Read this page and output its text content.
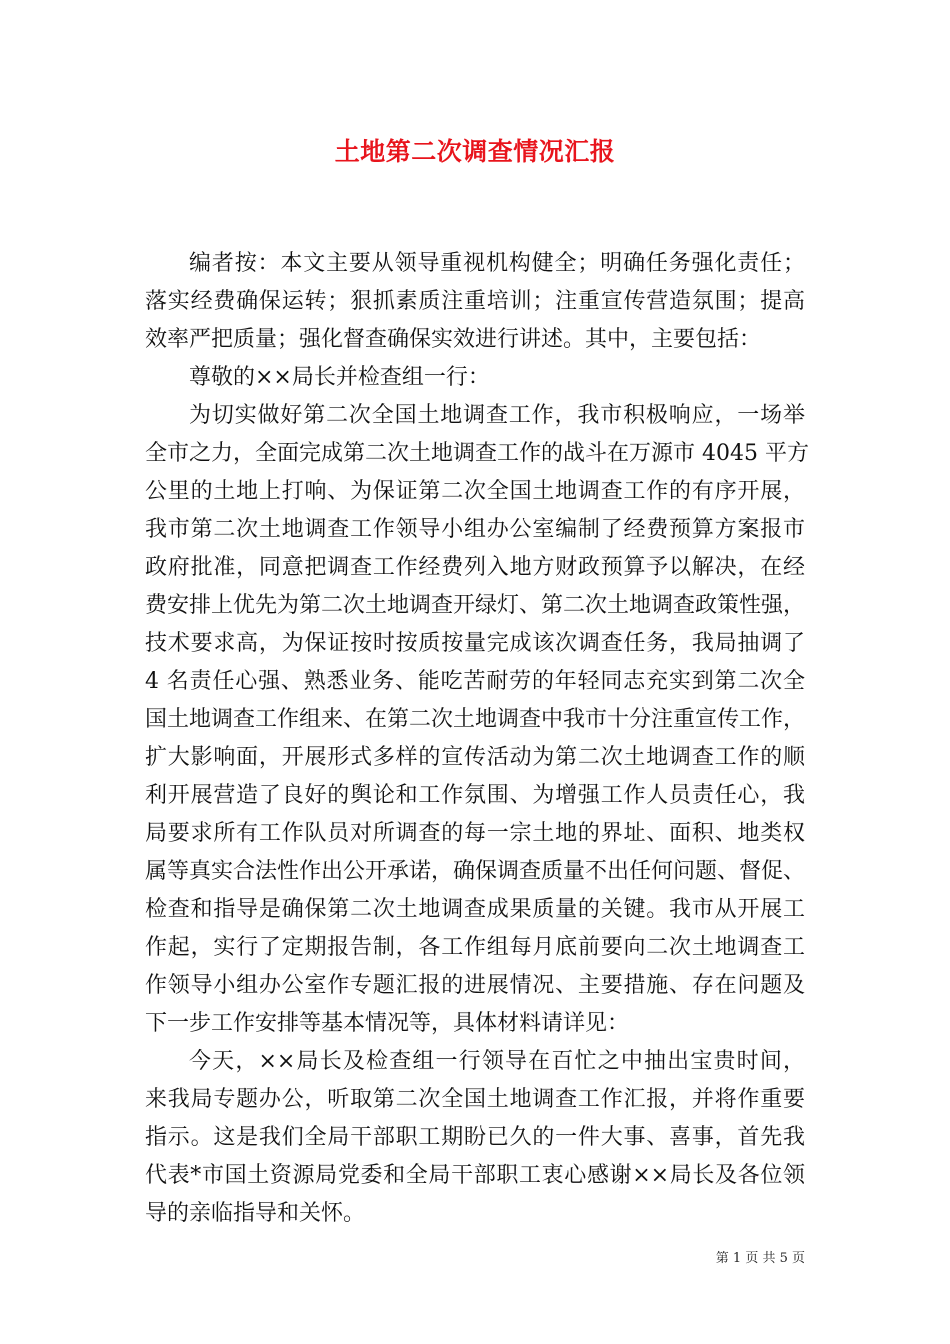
土地第二次调查情况汇报
编者按：本文主要从领导重视机构健全；明确任务强化责任；
落实经费确保运转；狠抓素质注重培训；注重宣传营造氛围；提高
效率严把质量；强化督查确保实效进行讲述。其中，主要包括：
尊敬的××局长并检查组一行：
为切实做好第二次全国土地调查工作，我市积极响应，一场举
全市之力，全面完成第二次土地调查工作的战斗在万源市 4045 平方
公里的土地上打响、为保证第二次全国土地调查工作的有序开展，
我市第二次土地调查工作领导小组办公室编制了经费预算方案报市
政府批准，同意把调查工作经费列入地方财政预算予以解决，在经
费安排上优先为第二次土地调查开绿灯、第二次土地调查政策性强，
技术要求高，为保证按时按质按量完成该次调查任务，我局抽调了
4 名责任心强、熟悉业务、能吃苦耐劳的年轻同志充实到第二次全
国土地调查工作组来、在第二次土地调查中我市十分注重宣传工作，
扩大影响面，开展形式多样的宣传活动为第二次土地调查工作的顺
利开展营造了良好的舆论和工作氛围、为增强工作人员责任心，我
局要求所有工作队员对所调查的每一宗土地的界址、面积、地类权
属等真实合法性作出公开承诺，确保调查质量不出任何问题、督促、
检查和指导是确保第二次土地调查成果质量的关键。我市从开展工
作起，实行了定期报告制，各工作组每月底前要向二次土地调查工
作领导小组办公室作专题汇报的进展情况、主要措施、存在问题及
下一步工作安排等基本情况等，具体材料请详见：
今天，××局长及检查组一行领导在百忙之中抽出宝贵时间，
来我局专题办公，听取第二次全国土地调查工作汇报，并将作重要
指示。这是我们全局干部职工期盼已久的一件大事、喜事，首先我
代表*市国土资源局党委和全局干部职工衷心感谢××局长及各位领
导的亲临指导和关怀。
第 1 页 共 5 页
